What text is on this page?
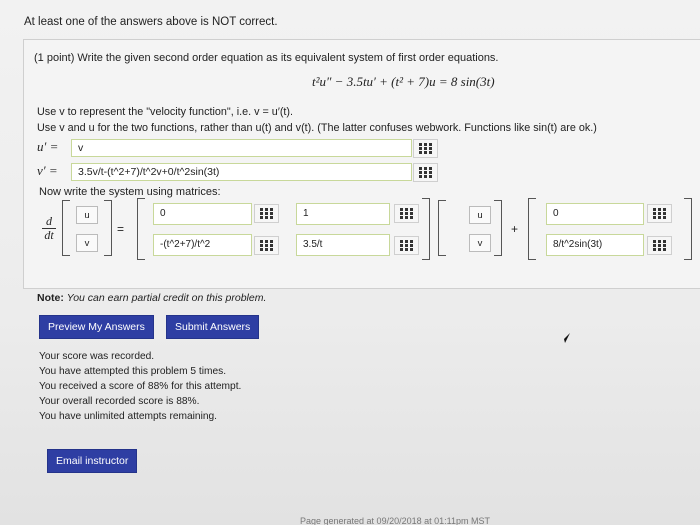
At least one of the answers above is NOT correct.
(1 point) Write the given second order equation as its equivalent system of first order equations.
t²u″ − 3.5tu′ + (t² + 7)u = 8 sin(3t)
Use v to represent the "velocity function", i.e. v = u′(t).
Use v and u for the two functions, rather than u(t) and v(t). (The latter confuses webwork. Functions like sin(t) are ok.)
u′ =	v
v′ =	3.5v/t-(t^2+7)/t^2v+0/t^2sin(3t)
Now write the system using matrices:
$\frac{d}{dt}$	u
v
=
0	1
-(t^2+7)/t^2	3.5/t
u
v
+
0
8/t^2sin(3t)
Note: You can earn partial credit on this problem.
Preview My Answers	Submit Answers
Your score was recorded.
You have attempted this problem 5 times.
You received a score of 88% for this attempt.
Your overall recorded score is 88%.
You have unlimited attempts remaining.
Email instructor
Page generated at 09/20/2018 at 01:11pm MST
